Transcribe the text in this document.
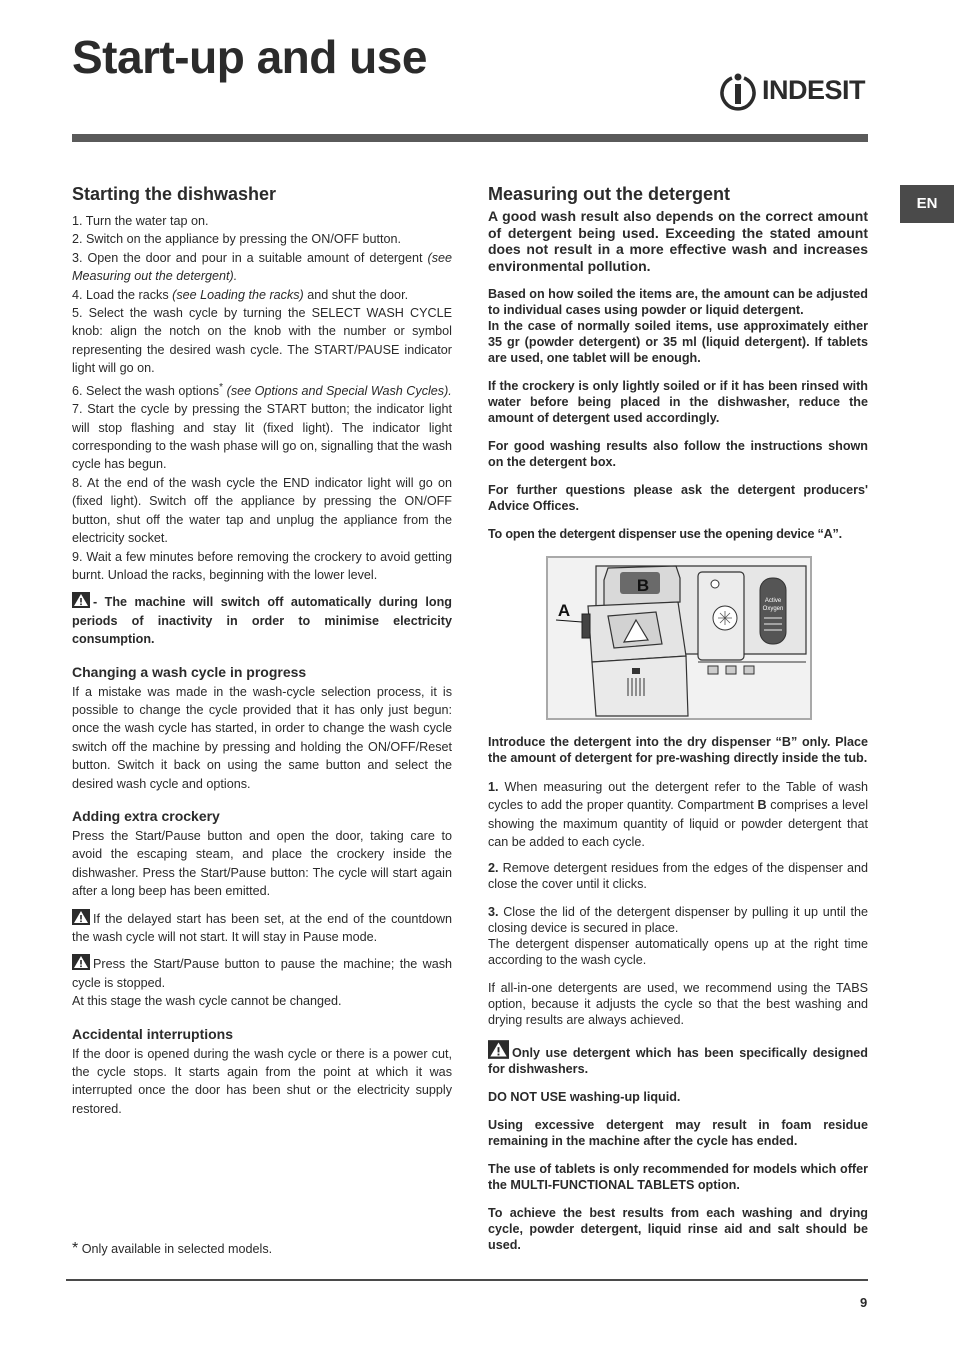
Start-up and use
INDESIT
EN
Starting the dishwasher

1. Turn the water tap on.

2. Switch on the appliance by pressing the ON/OFF button.

3. Open the door and pour in a suitable amount of detergent (see Measuring out the detergent).

4. Load the racks (see Loading the racks) and shut the door.

5. Select the wash cycle by turning the SELECT WASH CYCLE knob: align the notch on the knob with the number or symbol representing the desired wash cycle. The START/PAUSE indicator light will go on.

6. Select the wash options* (see Options and Special Wash Cycles).

7. Start the cycle by pressing the START button; the indicator light will stop flashing and stay lit (fixed light). The indicator light corresponding to the wash phase will go on, signalling that the wash cycle has begun.

8. At the end of the wash cycle the END indicator light will go on (fixed light). Switch off the appliance by pressing the ON/OFF button, shut off the water tap and unplug the appliance from the electricity socket.

9. Wait a few minutes before removing the crockery to avoid getting burnt. Unload the racks, beginning with the lower level.

- The machine will switch off automatically during long periods of inactivity in order to minimise electricity consumption.

Changing a wash cycle in progress

If a mistake was made in the wash-cycle selection process, it is possible to change the cycle provided that it has only just begun: once the wash cycle has started, in order to change the wash cycle switch off the machine by pressing and holding the ON/OFF/Reset button. Switch it back on using the same button and select the desired wash cycle and options.

Adding extra crockery

Press the Start/Pause button and open the door, taking care to avoid the escaping steam, and place the crockery inside the dishwasher. Press the Start/Pause button: The cycle will start again after a long beep has been emitted.

If the delayed start has been set, at the end of the countdown the wash cycle will not start. It will stay in Pause mode.

Press the Start/Pause button to pause the machine; the wash cycle is stopped.

At this stage the wash cycle cannot be changed.

Accidental interruptions

If the door is opened during the wash cycle or there is a power cut, the cycle stops. It starts again from the point at which it was interrupted once the door has been shut or the electricity supply restored.

* Only available in selected models.
Measuring out the detergent

A good wash result also depends on the correct amount of detergent being used. Exceeding the stated amount does not result in a more effective wash and increases environmental pollution.

Based on how soiled the items are, the amount can be adjusted to individual cases using powder or liquid detergent.

In the case of normally soiled items, use approximately either 35 gr (powder detergent) or 35 ml (liquid detergent). If tablets are used, one tablet will be enough.

If the crockery is only lightly soiled or if it has been rinsed with water before being placed in the dishwasher, reduce the amount of detergent used accordingly.

For good washing results also follow the instructions shown on the detergent box.

For further questions please ask the detergent producers' Advice Offices.

To open the detergent dispenser use the opening device “A”.

Active
Oxygen
B
A

Introduce the detergent into the dry dispenser “B” only. Place the amount of detergent for pre-washing directly inside the tub.

1. When measuring out the detergent refer to the Table of wash cycles to add the proper quantity. Compartment B comprises a level showing the maximum quantity of liquid or powder detergent that can be added to each cycle.

2. Remove detergent residues from the edges of the dispenser and close the cover until it clicks.

3. Close the lid of the detergent dispenser by pulling it up until the closing device is secured in place.

The detergent dispenser automatically opens up at the right time according to the wash cycle.

If all-in-one detergents are used, we recommend using the TABS option, because it adjusts the cycle so that the best washing and drying results are always achieved.

Only use detergent which has been specifically designed for dishwashers.

DO NOT USE washing-up liquid.

Using excessive detergent may result in foam residue remaining in the machine after the cycle has ended.

The use of tablets is only recommended for models which offer the MULTI-FUNCTIONAL TABLETS option.

To achieve the best results from each washing and drying cycle, powder detergent, liquid rinse aid and salt should be used.

9
